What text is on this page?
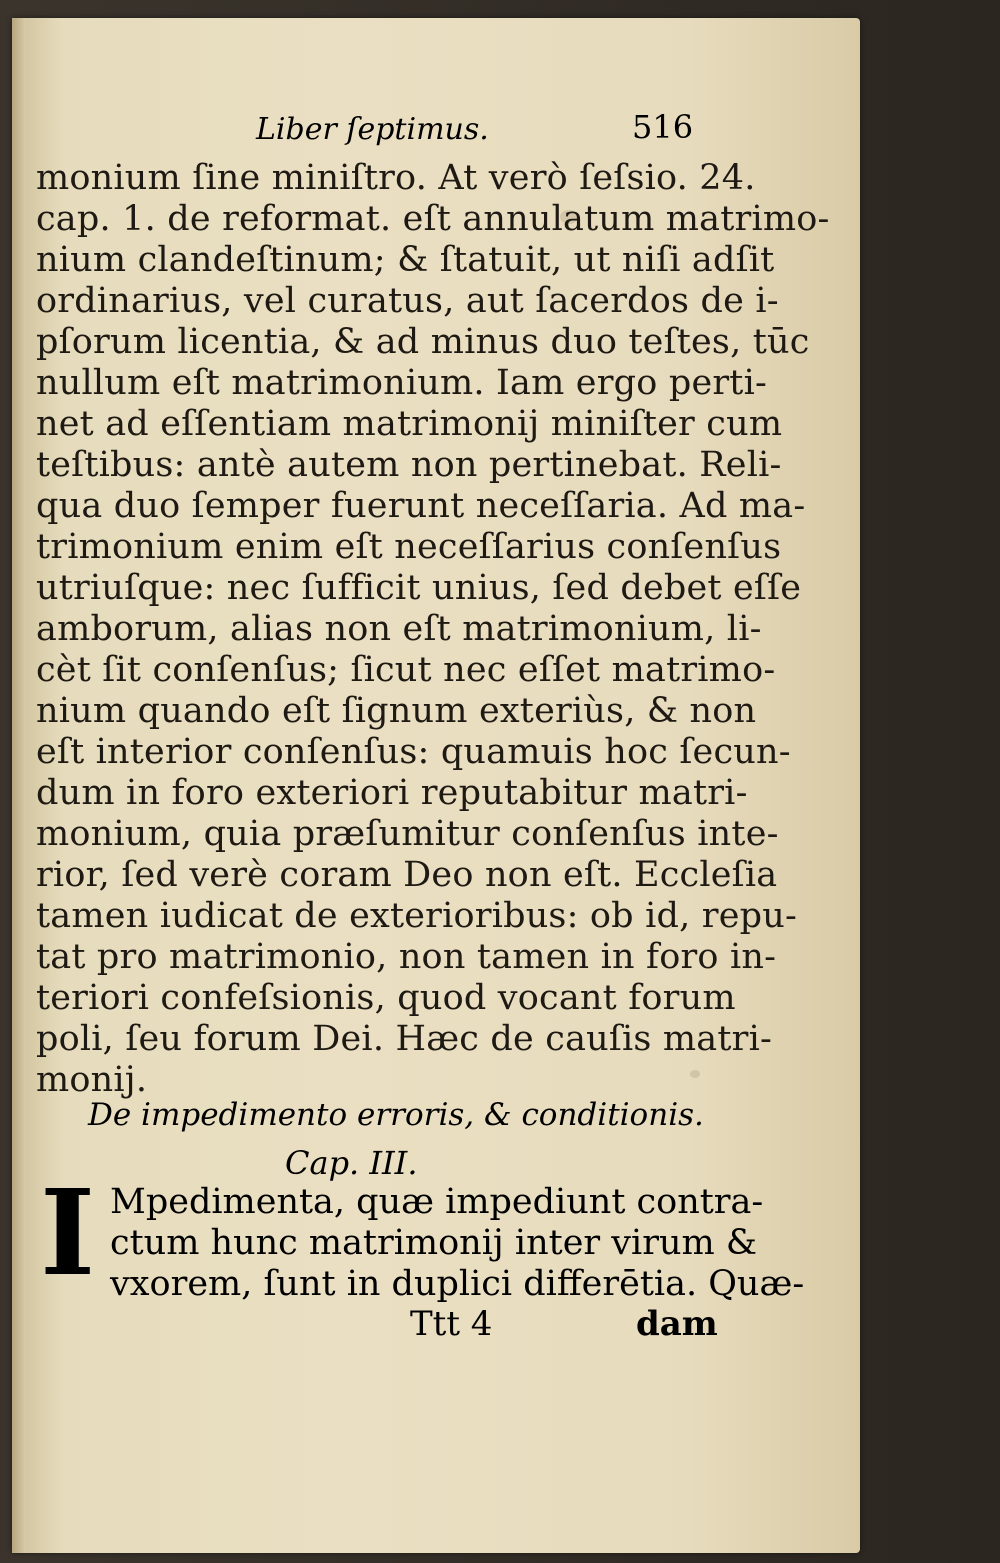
Liber ſeptimus.	516
monium ſine miniſtro. At verò ſeſsio. 24.
cap. 1. de reformat. eſt annulatum matrimo-
nium clandeſtinum; & ſtatuit, ut niſi adſit
ordinarius, vel curatus, aut ſacerdos de i-
pſorum licentia, & ad minus duo teſtes, tūc
nullum eſt matrimonium. Iam ergo perti-
net ad eſſentiam matrimonij miniſter cum
teſtibus: antè autem non pertinebat. Reli-
qua duo ſemper fuerunt neceſſaria. Ad ma-
trimonium enim eſt neceſſarius conſenſus
utriuſque: nec ſufficit unius, ſed debet eſſe
amborum, alias non eſt matrimonium, li-
cèt ſit conſenſus; ſicut nec eſſet matrimo-
nium quando eſt ſignum exteriùs, & non
eſt interior conſenſus: quamuis hoc ſecun-
dum in foro exteriori reputabitur matri-
monium, quia præſumitur conſenſus inte-
rior, ſed verè coram Deo non eſt. Eccleſia
tamen iudicat de exterioribus: ob id, repu-
tat pro matrimonio, non tamen in foro in-
teriori confeſsionis, quod vocant forum
poli, ſeu forum Dei. Hæc de cauſis matri-
monij.
De impedimento erroris, & conditionis.
Cap. III.
I Mpedimenta, quæ impediunt contra-
ctum hunc matrimonij inter virum &
vxorem, ſunt in duplici differētia. Quæ-
Ttt 4	dam
